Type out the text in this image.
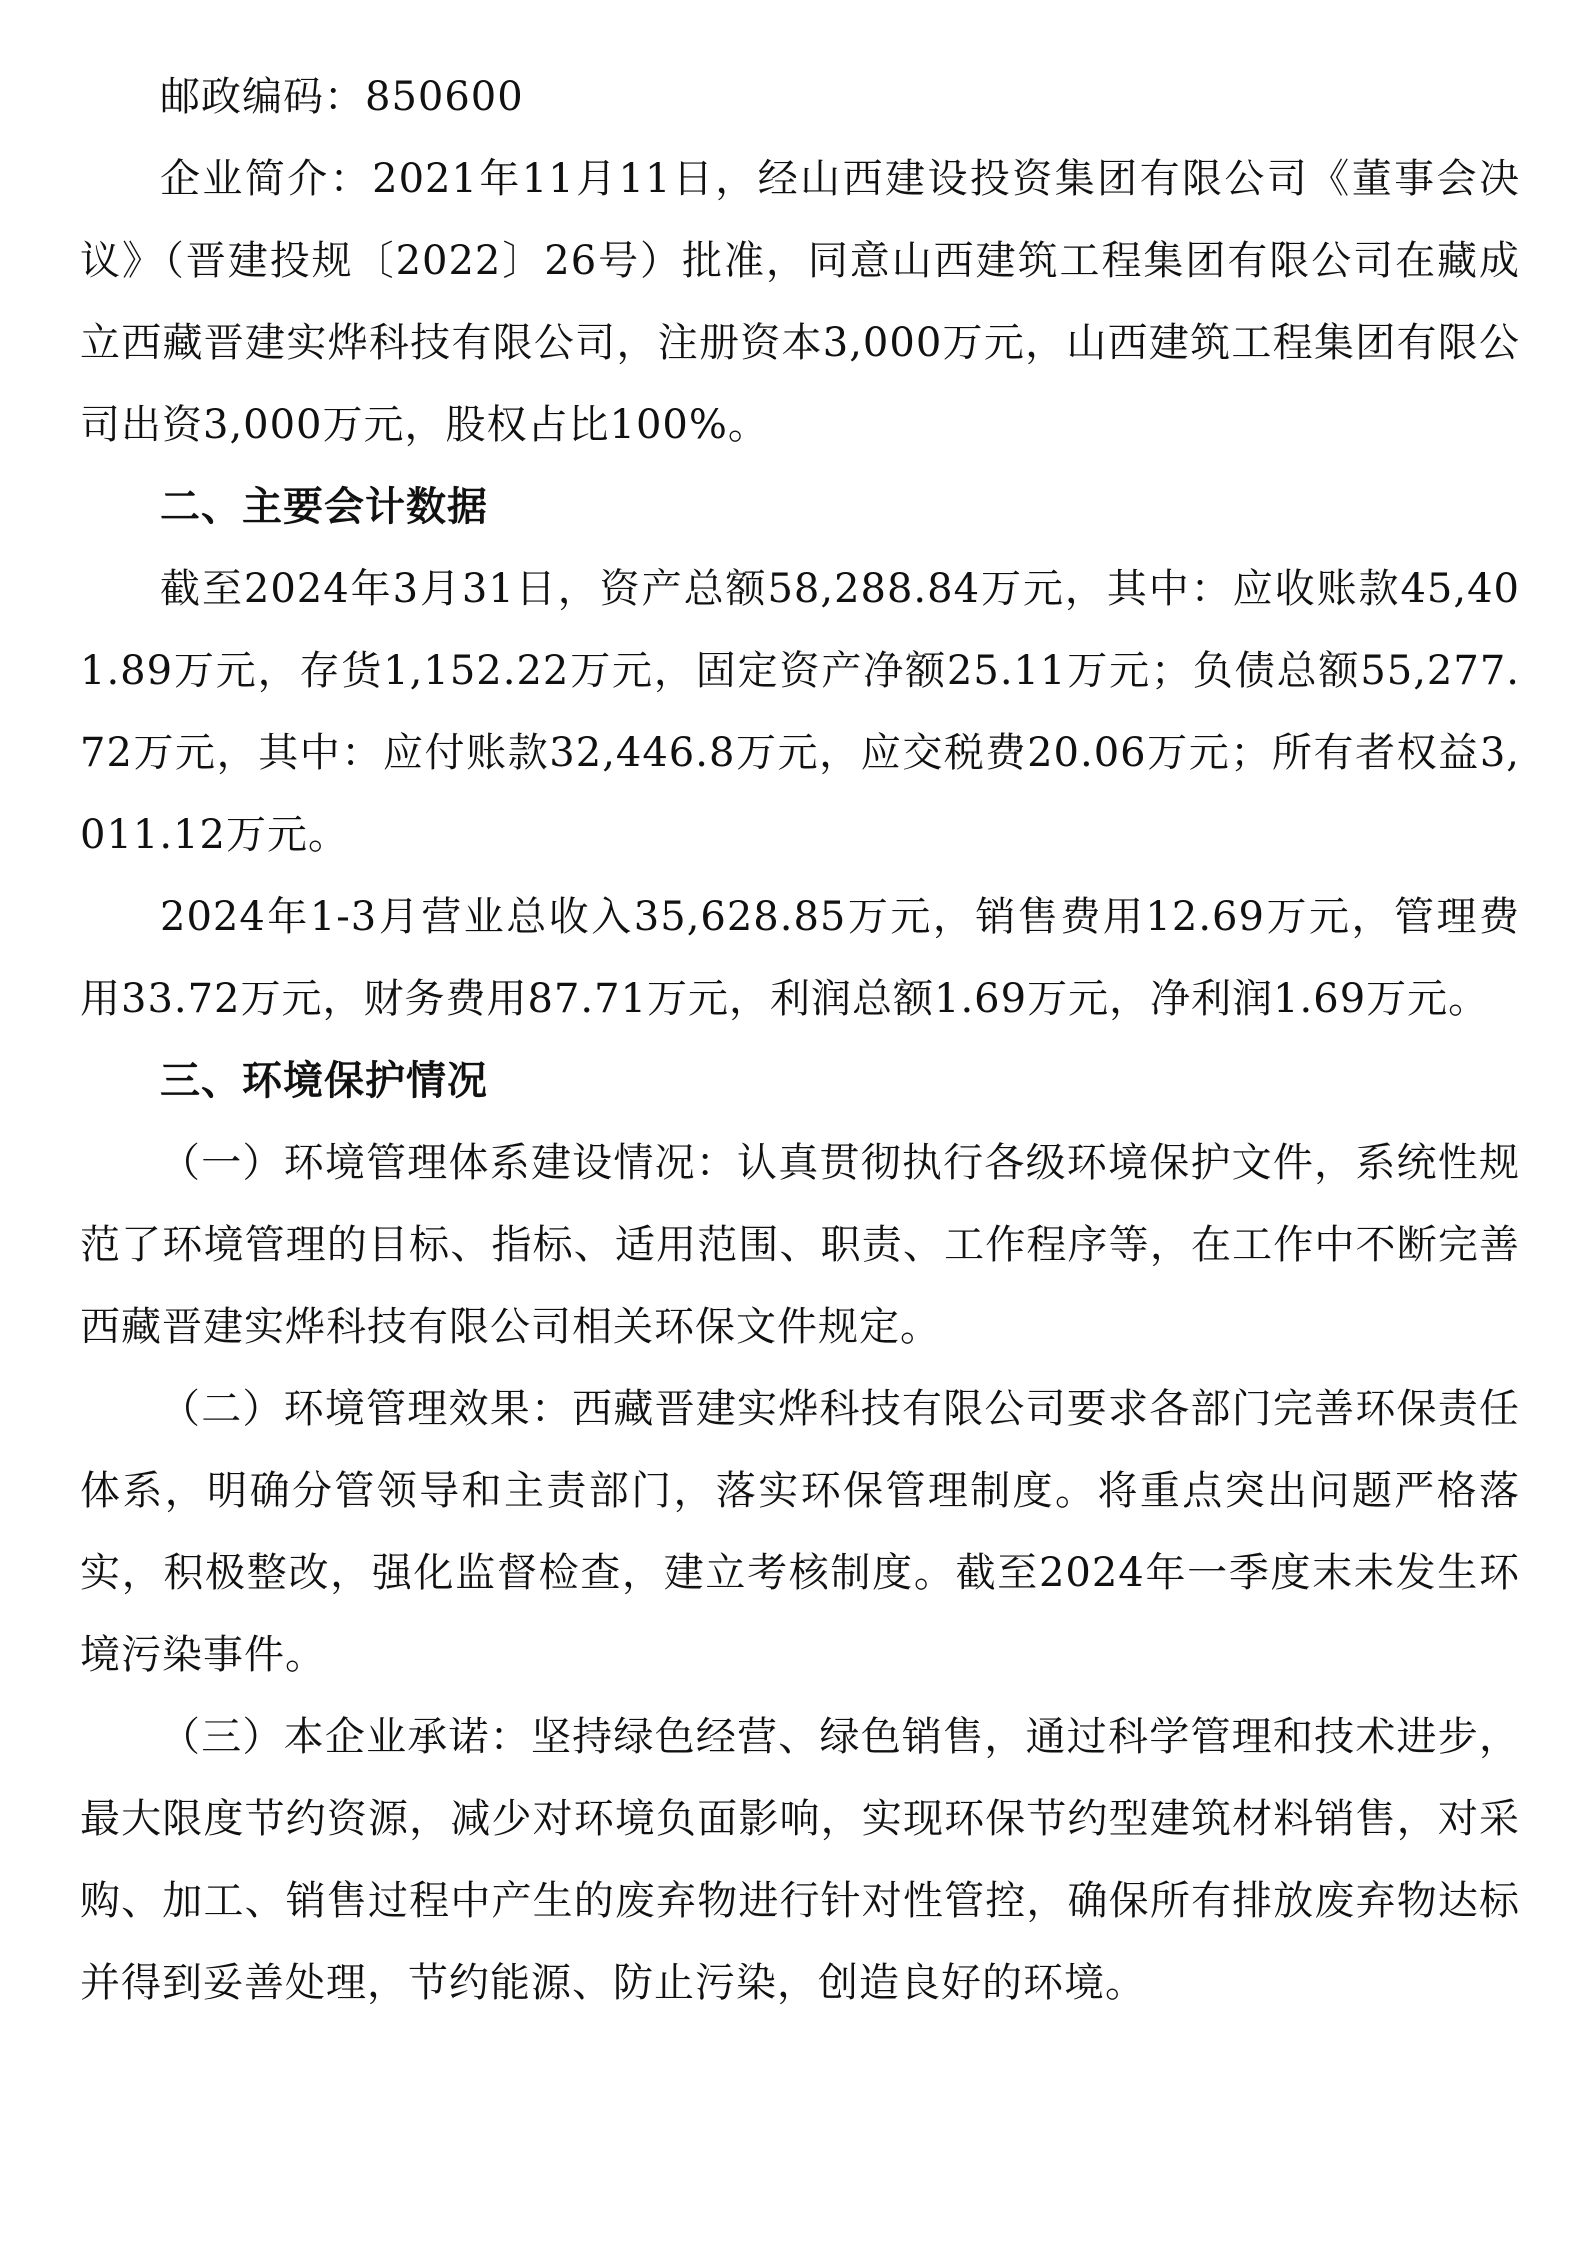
邮政编码：850600

企业简介：2021年11月11日，经山西建设投资集团有限公司《董事会决议》（晋建投规〔2022〕26号）批准，同意山西建筑工程集团有限公司在藏成立西藏晋建实烨科技有限公司，注册资本3,000万元，山西建筑工程集团有限公司出资3,000万元，股权占比100%。

二、主要会计数据

截至2024年3月31日，资产总额58,288.84万元，其中：应收账款45,401.89万元，存货1,152.22万元，固定资产净额25.11万元；负债总额55,277.72万元，其中：应付账款32,446.8万元，应交税费20.06万元；所有者权益3,011.12万元。

2024年1-3月营业总收入35,628.85万元，销售费用12.69万元，管理费用33.72万元，财务费用87.71万元，利润总额1.69万元，净利润1.69万元。

三、环境保护情况

（一）环境管理体系建设情况：认真贯彻执行各级环境保护文件，系统性规范了环境管理的目标、指标、适用范围、职责、工作程序等，在工作中不断完善西藏晋建实烨科技有限公司相关环保文件规定。

（二）环境管理效果：西藏晋建实烨科技有限公司要求各部门完善环保责任体系，明确分管领导和主责部门，落实环保管理制度。将重点突出问题严格落实，积极整改，强化监督检查，建立考核制度。截至2024年一季度末未发生环境污染事件。

（三）本企业承诺：坚持绿色经营、绿色销售，通过科学管理和技术进步，最大限度节约资源，减少对环境负面影响，实现环保节约型建筑材料销售，对采购、加工、销售过程中产生的废弃物进行针对性管控，确保所有排放废弃物达标并得到妥善处理，节约能源、防止污染，创造良好的环境。
